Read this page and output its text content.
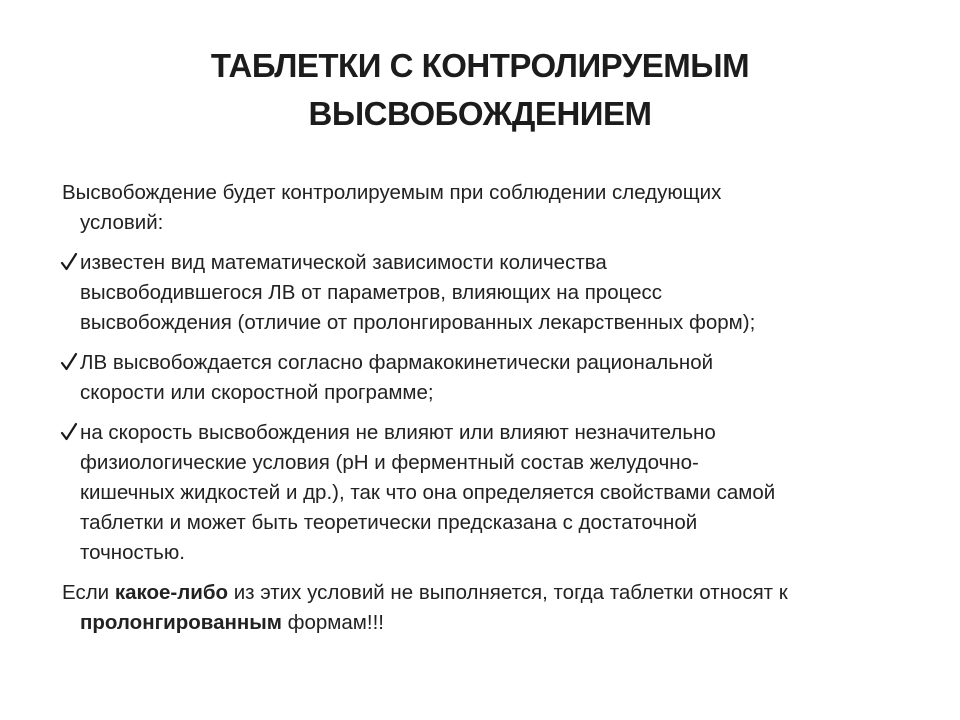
ТАБЛЕТКИ С КОНТРОЛИРУЕМЫМ
ВЫСВОБОЖДЕНИЕМ
Высвобождение будет контролируемым при соблюдении следующих
условий:
известен вид математической зависимости количества
высвободившегося ЛВ от параметров, влияющих на процесс
высвобождения (отличие от пролонгированных лекарственных форм);
ЛВ высвобождается согласно фармакокинетически рациональной
скорости или скоростной программе;
на скорость высвобождения не влияют или влияют незначительно
физиологические условия (рН и ферментный состав желудочно-
кишечных жидкостей и др.), так что она определяется свойствами самой
таблетки и может быть теоретически предсказана с достаточной
точностью.
Если какое-либо из этих условий не выполняется, тогда таблетки относят к
пролонгированным формам!!!
